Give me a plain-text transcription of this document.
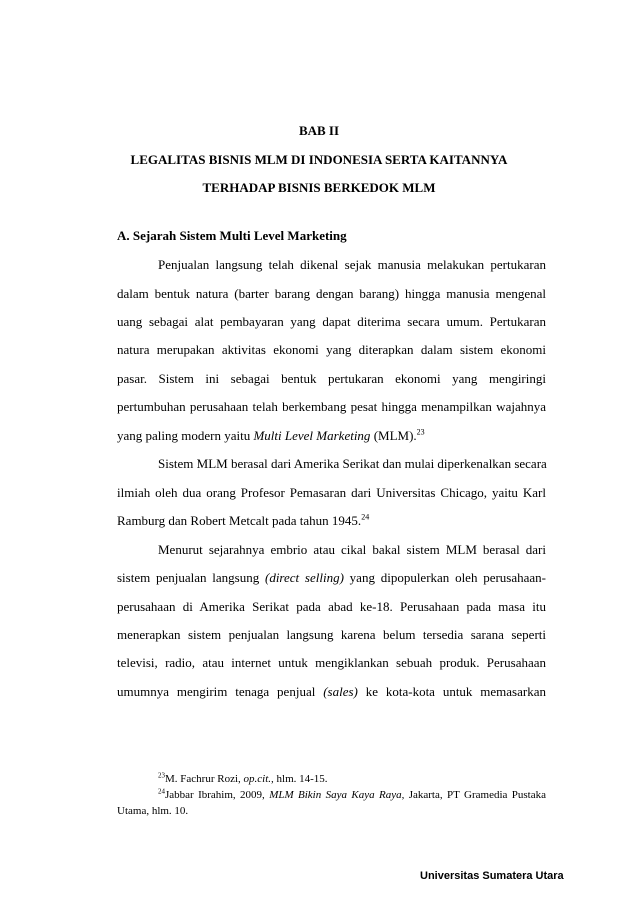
BAB II
LEGALITAS BISNIS MLM DI INDONESIA SERTA KAITANNYA
TERHADAP BISNIS BERKEDOK MLM
A. Sejarah Sistem Multi Level Marketing
Penjualan langsung telah dikenal sejak manusia melakukan pertukaran
dalam bentuk natura (barter barang dengan barang) hingga manusia mengenal
uang sebagai alat pembayaran yang dapat diterima secara umum. Pertukaran
natura merupakan aktivitas ekonomi yang diterapkan dalam sistem ekonomi
pasar. Sistem ini sebagai bentuk pertukaran ekonomi yang mengiringi
pertumbuhan perusahaan telah berkembang pesat hingga menampilkan wajahnya
yang paling modern yaitu Multi Level Marketing (MLM).$^{23}$
Sistem MLM berasal dari Amerika Serikat dan mulai diperkenalkan secara
ilmiah oleh dua orang Profesor Pemasaran dari Universitas Chicago, yaitu Karl
Ramburg dan Robert Metcalt pada tahun 1945.24
Menurut sejarahnya embrio atau cikal bakal sistem MLM berasal dari
sistem penjualan langsung (direct selling) yang dipopulerkan oleh perusahaan-
perusahaan di Amerika Serikat pada abad ke-18. Perusahaan pada masa itu
menerapkan sistem penjualan langsung karena belum tersedia sarana seperti
televisi, radio, atau internet untuk mengiklankan sebuah produk. Perusahaan
umumnya mengirim tenaga penjual (sales) ke kota-kota untuk memasarkan
$^{23}$M. Fachrur Rozi, op.cit., hlm. 14-15.
$^{24}$Jabbar Ibrahim, 2009, MLM Bikin Saya Kaya Raya, Jakarta, PT Gramedia Pustaka
Utama, hlm. 10.
Universitas Sumatera Utara
